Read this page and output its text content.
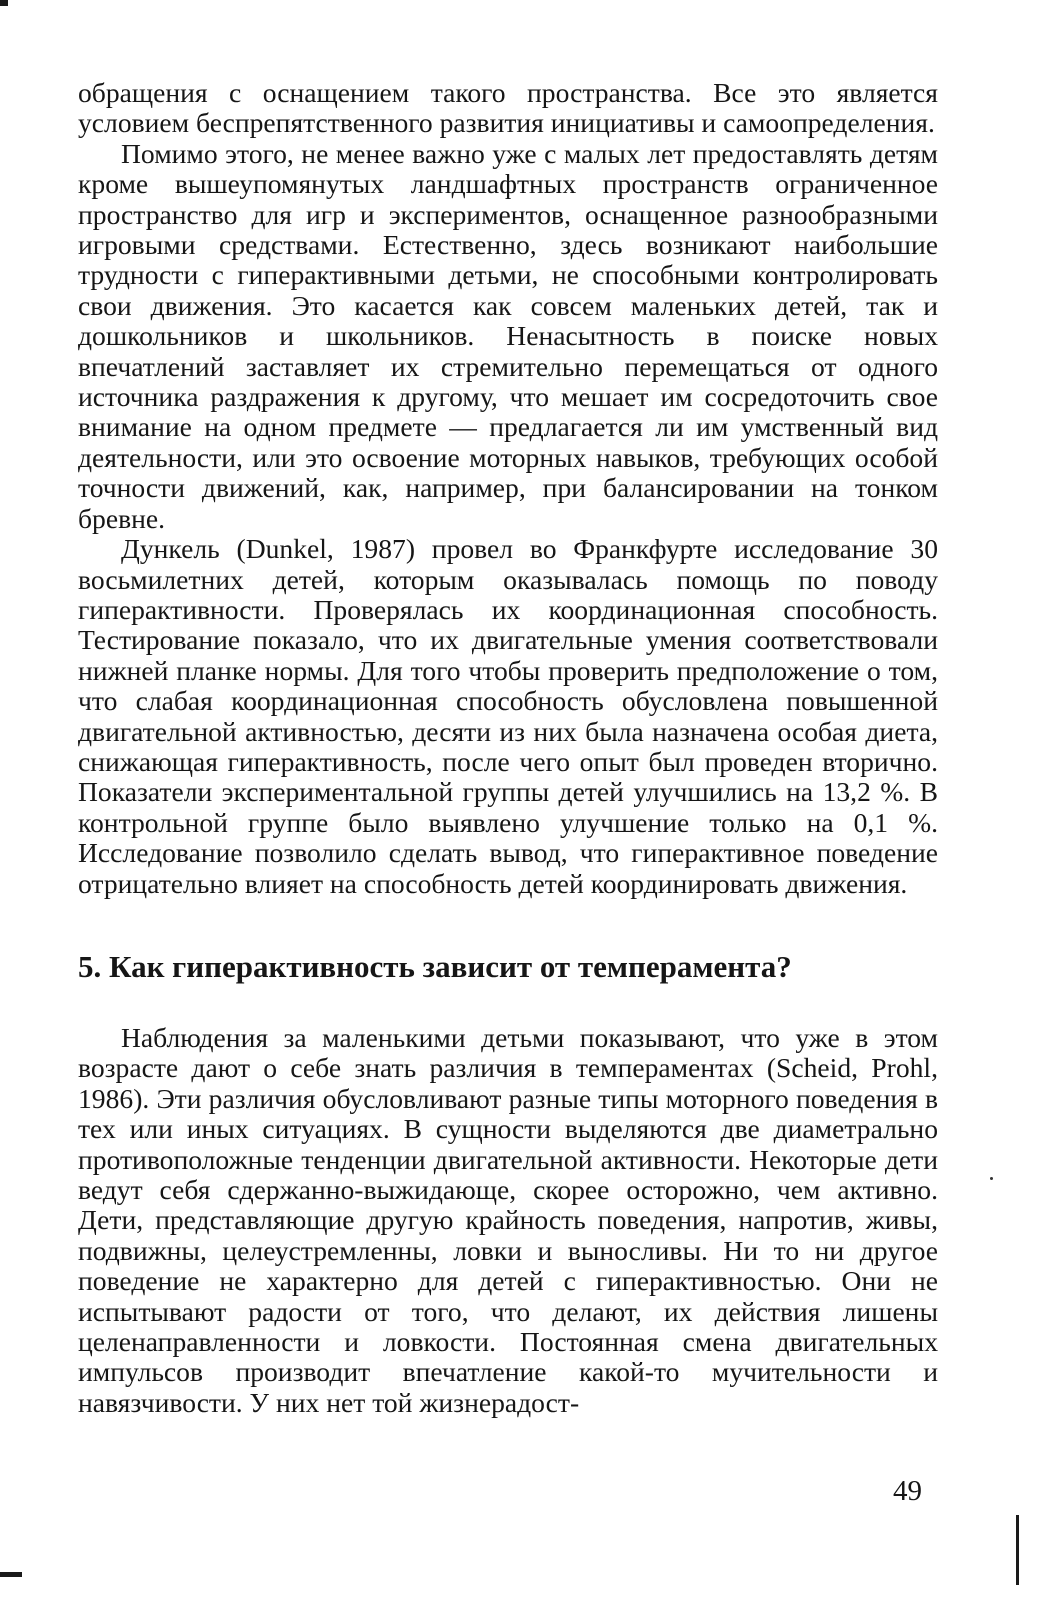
обращения с оснащением такого пространства. Все это является условием беспрепятственного развития инициативы и самоопределения.

Помимо этого, не менее важно уже с малых лет предоставлять детям кроме вышеупомянутых ландшафтных пространств ограниченное пространство для игр и экспериментов, оснащенное разнообразными игровыми средствами. Естественно, здесь возникают наибольшие трудности с гиперактивными детьми, не способными контролировать свои движения. Это касается как совсем маленьких детей, так и дошкольников и школьников. Ненасытность в поиске новых впечатлений заставляет их стремительно перемещаться от одного источника раздражения к другому, что мешает им сосредоточить свое внимание на одном предмете — предлагается ли им умственный вид деятельности, или это освоение моторных навыков, требующих особой точности движений, как, например, при балансировании на тонком бревне.

Дункель (Dunkel, 1987) провел во Франкфурте исследование 30 восьмилетних детей, которым оказывалась помощь по поводу гиперактивности. Проверялась их координационная способность. Тестирование показало, что их двигательные умения соответствовали нижней планке нормы. Для того чтобы проверить предположение о том, что слабая координационная способность обусловлена повышенной двигательной активностью, десяти из них была назначена особая диета, снижающая гиперактивность, после чего опыт был проведен вторично. Показатели экспериментальной группы детей улучшились на 13,2 %. В контрольной группе было выявлено улучшение только на 0,1 %. Исследование позволило сделать вывод, что гиперактивное поведение отрицательно влияет на способность детей координировать движения.

5. Как гиперактивность зависит от темперамента?

Наблюдения за маленькими детьми показывают, что уже в этом возрасте дают о себе знать различия в темпераментах (Scheid, Prohl, 1986). Эти различия обусловливают разные типы моторного поведения в тех или иных ситуациях. В сущности выделяются две диаметрально противоположные тенденции двигательной активности. Некоторые дети ведут себя сдержанно-выжидающе, скорее осторожно, чем активно. Дети, представляющие другую крайность поведения, напротив, живы, подвижны, целеустремленны, ловки и выносливы. Ни то ни другое поведение не характерно для детей с гиперактивностью. Они не испытывают радости от того, что делают, их действия лишены целенаправленности и ловкости. Постоянная смена двигательных импульсов производит впечатление какой-то мучительности и навязчивости. У них нет той жизнерадост-

49
